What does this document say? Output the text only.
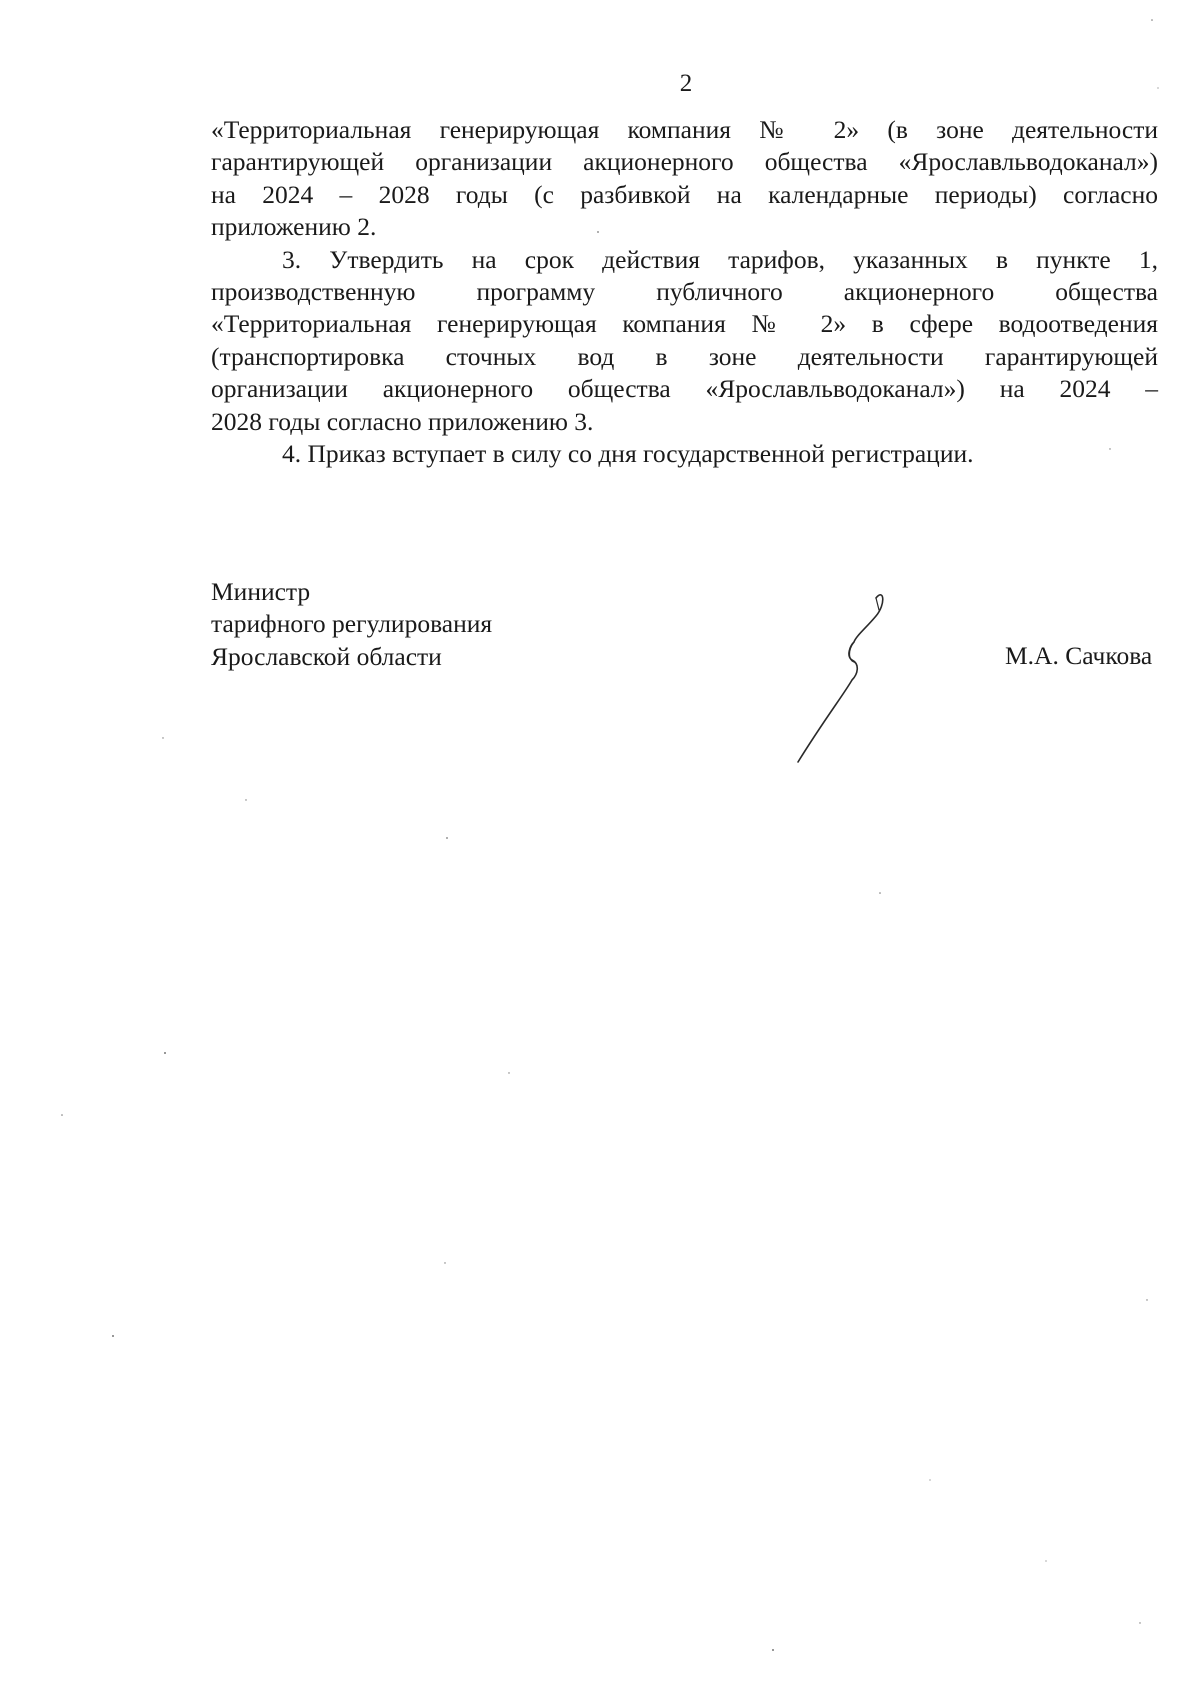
2

«Территориальная генерирующая компания № 2» (в зоне деятельности
гарантирующей организации акционерного общества «Ярославльводоканал»)
на 2024 – 2028 годы (с разбивкой на календарные периоды) согласно
приложению 2.

3. Утвердить на срок действия тарифов, указанных в пункте 1,
производственную программу публичного акционерного общества
«Территориальная генерирующая компания № 2» в сфере водоотведения
(транспортировка сточных вод в зоне деятельности гарантирующей
организации акционерного общества «Ярославльводоканал») на 2024 –
2028 годы согласно приложению 3.

4. Приказ вступает в силу со дня государственной регистрации.

Министр
тарифного регулирования
Ярославской области	М.А. Сачкова
